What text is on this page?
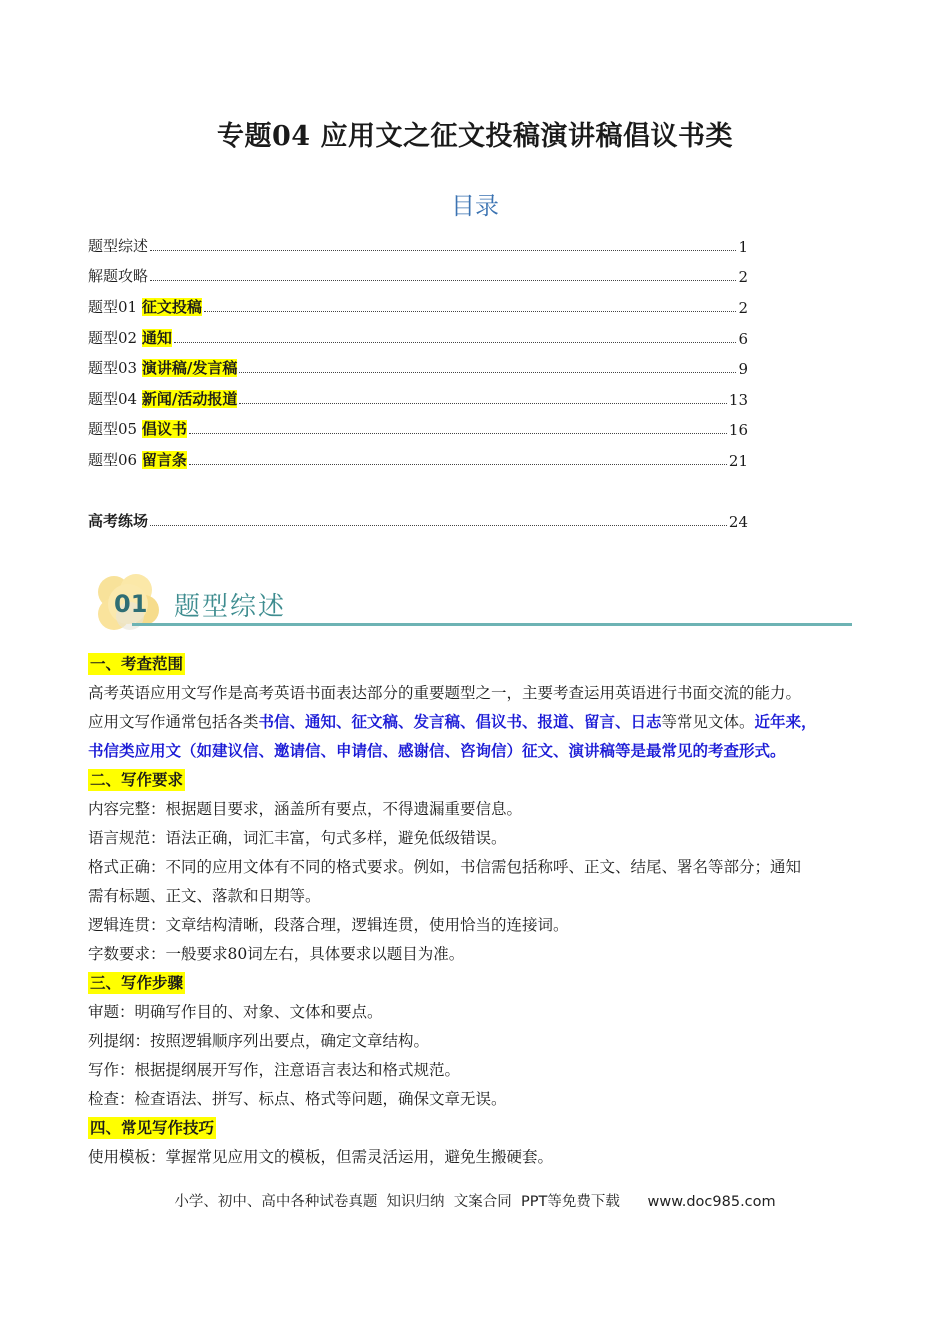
专题04 应用文之征文投稿演讲稿倡议书类
目录
题型综述	1
解题攻略	2
题型01 征文投稿	2
题型02 通知	6
题型03 演讲稿/发言稿	9
题型04 新闻/活动报道	13
题型05 倡议书	16
题型06 留言条	21
高考练场	24
01 题型综述
一、考查范围
高考英语应用文写作是高考英语书面表达部分的重要题型之一，主要考查运用英语进行书面交流的能力。
应用文写作通常包括各类书信、通知、征文稿、发言稿、倡议书、报道、留言、日志等常见文体。近年来，
书信类应用文（如建议信、邀请信、申请信、感谢信、咨询信）征文、演讲稿等是最常见的考查形式。
二、写作要求
内容完整：根据题目要求，涵盖所有要点，不得遗漏重要信息。
语言规范：语法正确，词汇丰富，句式多样，避免低级错误。
格式正确：不同的应用文体有不同的格式要求。例如，书信需包括称呼、正文、结尾、署名等部分；通知
需有标题、正文、落款和日期等。
逻辑连贯：文章结构清晰，段落合理，逻辑连贯，使用恰当的连接词。
字数要求：一般要求80词左右，具体要求以题目为准。
三、写作步骤
审题：明确写作目的、对象、文体和要点。
列提纲：按照逻辑顺序列出要点，确定文章结构。
写作：根据提纲展开写作，注意语言表达和格式规范。
检查：检查语法、拼写、标点、格式等问题，确保文章无误。
四、常见写作技巧
使用模板：掌握常见应用文的模板，但需灵活运用，避免生搬硬套。
小学、初中、高中各种试卷真题  知识归纳  文案合同  PPT等免费下载 www.doc985.com
